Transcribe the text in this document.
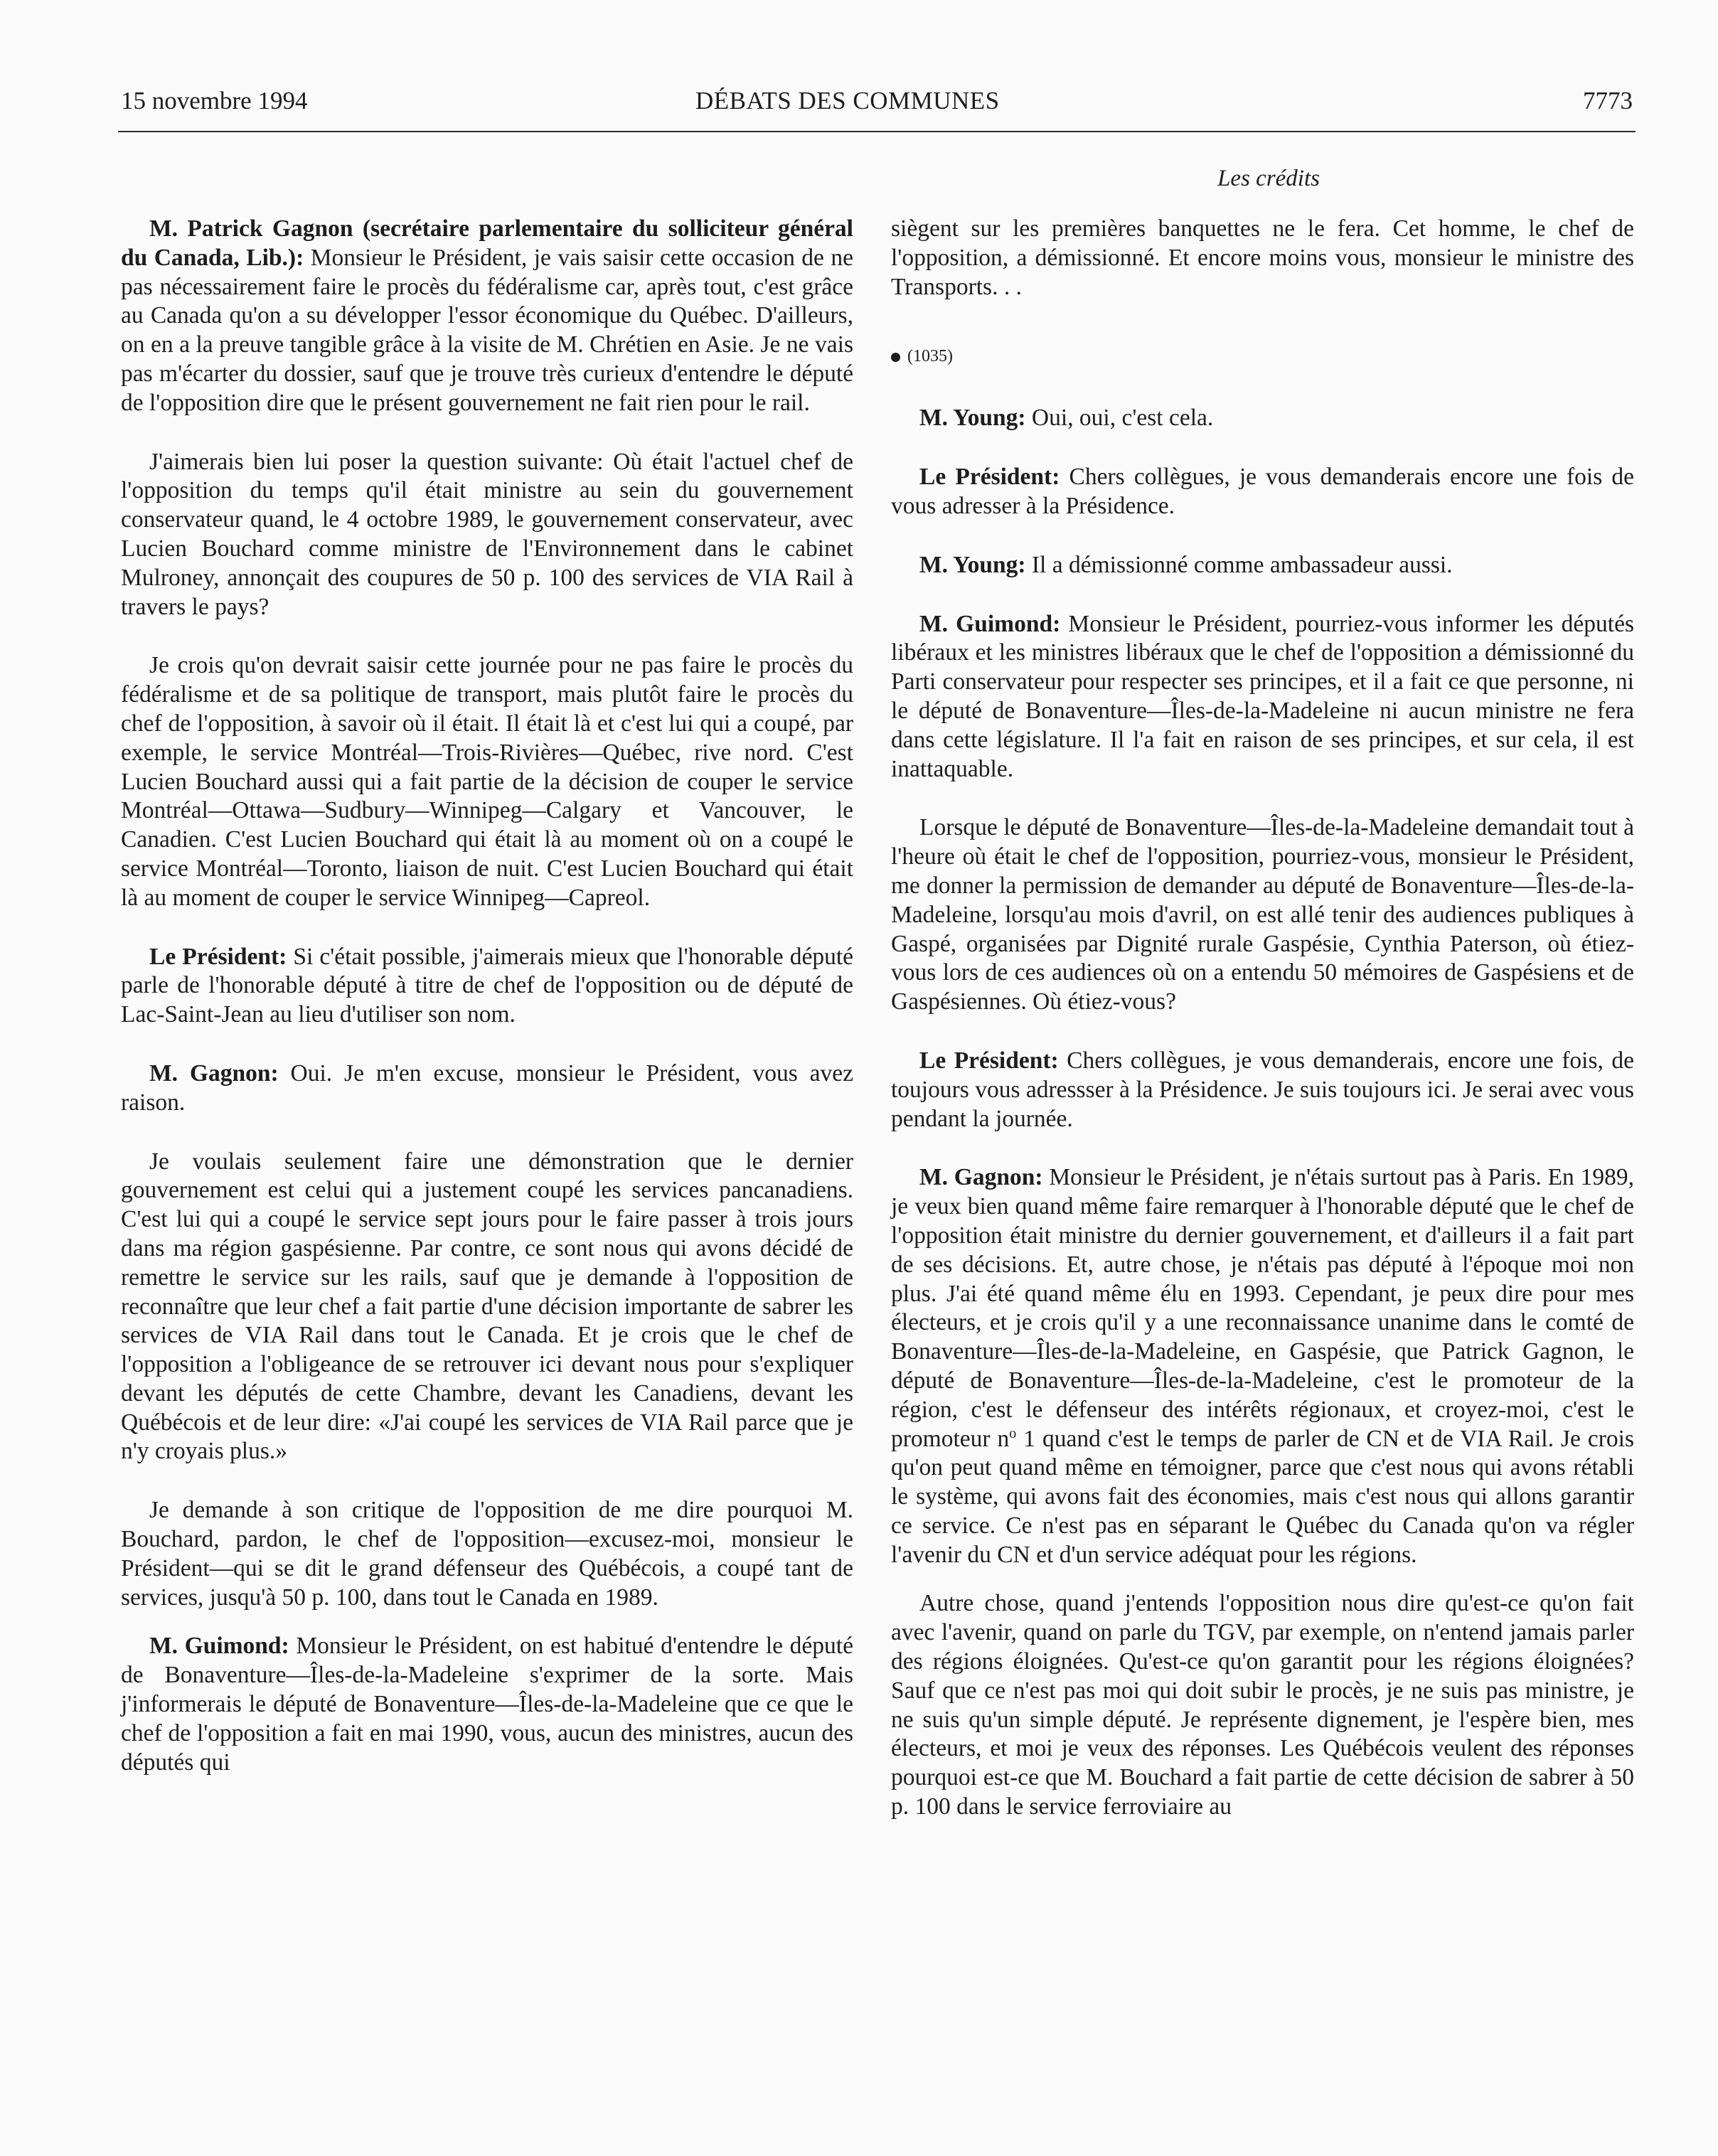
15 novembre 1994	DÉBATS DES COMMUNES	7773
Les crédits

M. Patrick Gagnon (secrétaire parlementaire du solliciteur général du Canada, Lib.): Monsieur le Président, je vais saisir cette occasion de ne pas nécessairement faire le procès du fédéralisme car, après tout, c'est grâce au Canada qu'on a su développer l'essor économique du Québec. D'ailleurs, on en a la preuve tangible grâce à la visite de M. Chrétien en Asie. Je ne vais pas m'écarter du dossier, sauf que je trouve très curieux d'entendre le député de l'opposition dire que le présent gouvernement ne fait rien pour le rail.

J'aimerais bien lui poser la question suivante: Où était l'actuel chef de l'opposition du temps qu'il était ministre au sein du gouvernement conservateur quand, le 4 octobre 1989, le gouvernement conservateur, avec Lucien Bouchard comme ministre de l'Environnement dans le cabinet Mulroney, annonçait des coupures de 50 p. 100 des services de VIA Rail à travers le pays?

Je crois qu'on devrait saisir cette journée pour ne pas faire le procès du fédéralisme et de sa politique de transport, mais plutôt faire le procès du chef de l'opposition, à savoir où il était. Il était là et c'est lui qui a coupé, par exemple, le service Montréal—Trois-Rivières—Québec, rive nord. C'est Lucien Bouchard aussi qui a fait partie de la décision de couper le service Montréal—Ottawa—Sudbury—Winnipeg—Calgary et Vancouver, le Canadien. C'est Lucien Bouchard qui était là au moment où on a coupé le service Montréal—Toronto, liaison de nuit. C'est Lucien Bouchard qui était là au moment de couper le service Winnipeg—Capreol.

Le Président: Si c'était possible, j'aimerais mieux que l'honorable député parle de l'honorable député à titre de chef de l'opposition ou de député de Lac-Saint-Jean au lieu d'utiliser son nom.

M. Gagnon: Oui. Je m'en excuse, monsieur le Président, vous avez raison.

Je voulais seulement faire une démonstration que le dernier gouvernement est celui qui a justement coupé les services pancanadiens. C'est lui qui a coupé le service sept jours pour le faire passer à trois jours dans ma région gaspésienne. Par contre, ce sont nous qui avons décidé de remettre le service sur les rails, sauf que je demande à l'opposition de reconnaître que leur chef a fait partie d'une décision importante de sabrer les services de VIA Rail dans tout le Canada. Et je crois que le chef de l'opposition a l'obligeance de se retrouver ici devant nous pour s'expliquer devant les députés de cette Chambre, devant les Canadiens, devant les Québécois et de leur dire: «J'ai coupé les services de VIA Rail parce que je n'y croyais plus.»

Je demande à son critique de l'opposition de me dire pourquoi M. Bouchard, pardon, le chef de l'opposition—excusez-moi, monsieur le Président—qui se dit le grand défenseur des Québécois, a coupé tant de services, jusqu'à 50 p. 100, dans tout le Canada en 1989.

M. Guimond: Monsieur le Président, on est habitué d'entendre le député de Bonaventure—Îles-de-la-Madeleine s'exprimer de la sorte. Mais j'informerais le député de Bonaventure—Îles-de-la-Madeleine que ce que le chef de l'opposition a fait en mai 1990, vous, aucun des ministres, aucun des députés qui

siègent sur les premières banquettes ne le fera. Cet homme, le chef de l'opposition, a démissionné. Et encore moins vous, monsieur le ministre des Transports. . .

(1035)

M. Young: Oui, oui, c'est cela.

Le Président: Chers collègues, je vous demanderais encore une fois de vous adresser à la Présidence.

M. Young: Il a démissionné comme ambassadeur aussi.

M. Guimond: Monsieur le Président, pourriez-vous informer les députés libéraux et les ministres libéraux que le chef de l'opposition a démissionné du Parti conservateur pour respecter ses principes, et il a fait ce que personne, ni le député de Bonaventure—Îles-de-la-Madeleine ni aucun ministre ne fera dans cette législature. Il l'a fait en raison de ses principes, et sur cela, il est inattaquable.

Lorsque le député de Bonaventure—Îles-de-la-Madeleine demandait tout à l'heure où était le chef de l'opposition, pourriez-vous, monsieur le Président, me donner la permission de demander au député de Bonaventure—Îles-de-la-Madeleine, lorsqu'au mois d'avril, on est allé tenir des audiences publiques à Gaspé, organisées par Dignité rurale Gaspésie, Cynthia Paterson, où étiez-vous lors de ces audiences où on a entendu 50 mémoires de Gaspésiens et de Gaspésiennes. Où étiez-vous?

Le Président: Chers collègues, je vous demanderais, encore une fois, de toujours vous adressser à la Présidence. Je suis toujours ici. Je serai avec vous pendant la journée.

M. Gagnon: Monsieur le Président, je n'étais surtout pas à Paris. En 1989, je veux bien quand même faire remarquer à l'honorable député que le chef de l'opposition était ministre du dernier gouvernement, et d'ailleurs il a fait part de ses décisions. Et, autre chose, je n'étais pas député à l'époque moi non plus. J'ai été quand même élu en 1993. Cependant, je peux dire pour mes électeurs, et je crois qu'il y a une reconnaissance unanime dans le comté de Bonaventure—Îles-de-la-Madeleine, en Gaspésie, que Patrick Gagnon, le député de Bonaventure—Îles-de-la-Madeleine, c'est le promoteur de la région, c'est le défenseur des intérêts régionaux, et croyez-moi, c'est le promoteur $n^o$ 1 quand c'est le temps de parler de CN et de VIA Rail. Je crois qu'on peut quand même en témoigner, parce que c'est nous qui avons rétabli le système, qui avons fait des économies, mais c'est nous qui allons garantir ce service. Ce n'est pas en séparant le Québec du Canada qu'on va régler l'avenir du CN et d'un service adéquat pour les régions.

Autre chose, quand j'entends l'opposition nous dire qu'est-ce qu'on fait avec l'avenir, quand on parle du TGV, par exemple, on n'entend jamais parler des régions éloignées. Qu'est-ce qu'on garantit pour les régions éloignées? Sauf que ce n'est pas moi qui doit subir le procès, je ne suis pas ministre, je ne suis qu'un simple député. Je représente dignement, je l'espère bien, mes électeurs, et moi je veux des réponses. Les Québécois veulent des réponses pourquoi est-ce que M. Bouchard a fait partie de cette décision de sabrer à 50 p. 100 dans le service ferroviaire au
